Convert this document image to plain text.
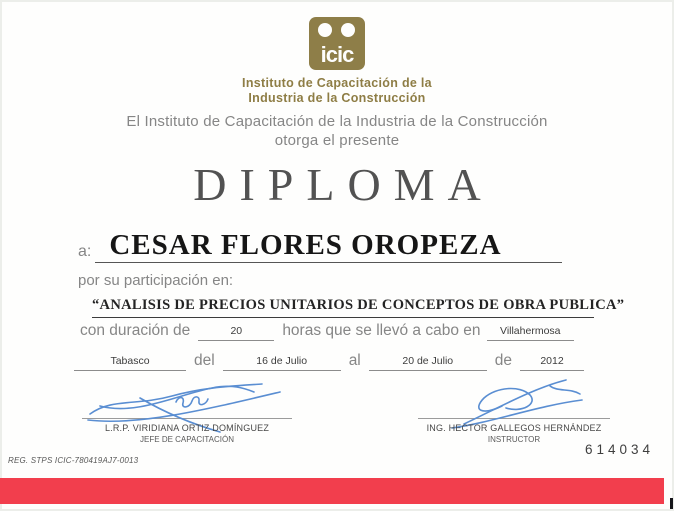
icic
Instituto de Capacitación de la
Industria de la Construcción
El Instituto de Capacitación de la Industria de la Construcción
otorga el presente
DIPLOMA
a: CESAR FLORES OROPEZA
por su participación en:
“ANALISIS DE PRECIOS UNITARIOS DE CONCEPTOS DE OBRA PUBLICA”
con duración de	20	horas que se llevó a cabo en	Villahermosa
Tabasco	del	16 de Julio	al	20 de Julio	de	2012
L.R.P. VIRIDIANA ORTIZ DOMÍNGUEZ
JEFE DE CAPACITACIÓN
ING. HECTOR GALLEGOS HERNÁNDEZ
INSTRUCTOR
REG. STPS ICIC-780419AJ7-0013
614034
